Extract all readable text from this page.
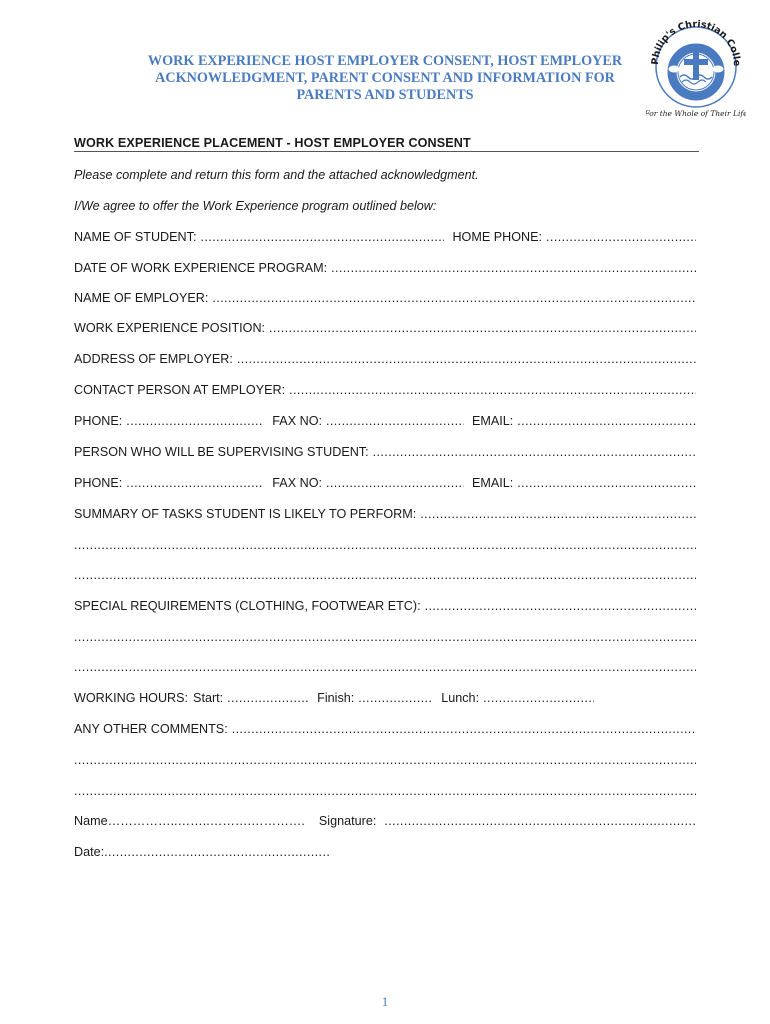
WORK EXPERIENCE HOST EMPLOYER CONSENT, HOST EMPLOYER
ACKNOWLEDGMENT, PARENT CONSENT AND INFORMATION FOR
PARENTS AND STUDENTS
Philip's Christian Colle
For the Whole of Their Life
WORK EXPERIENCE PLACEMENT - HOST EMPLOYER CONSENT
Please complete and return this form and the attached acknowledgment.
I/We agree to offer the Work Experience program outlined below:
NAME OF STUDENT: .....	HOME PHONE:
.....
DATE OF WORK EXPERIENCE PROGRAM:
.....
NAME OF EMPLOYER:
.....
WORK EXPERIENCE POSITION:
.....
ADDRESS OF EMPLOYER:
.....
CONTACT PERSON AT EMPLOYER:
.....
PHONE: .....	FAX NO: .....	EMAIL:
.....
PERSON WHO WILL BE SUPERVISING STUDENT:
.....
PHONE: .....	FAX NO: .....	EMAIL:
.....
SUMMARY OF TASKS STUDENT IS LIKELY TO PERFORM:
.....
.....
.....
SPECIAL REQUIREMENTS (CLOTHING, FOOTWEAR ETC):
.....
.....
.....
WORKING HOURS: Start: .....	Finish: .....	Lunch:
.....
ANY OTHER COMMENTS:
.....
.....
.....
Name ……………..……..……….…………. Signature:
.....
Date:
.....
1
